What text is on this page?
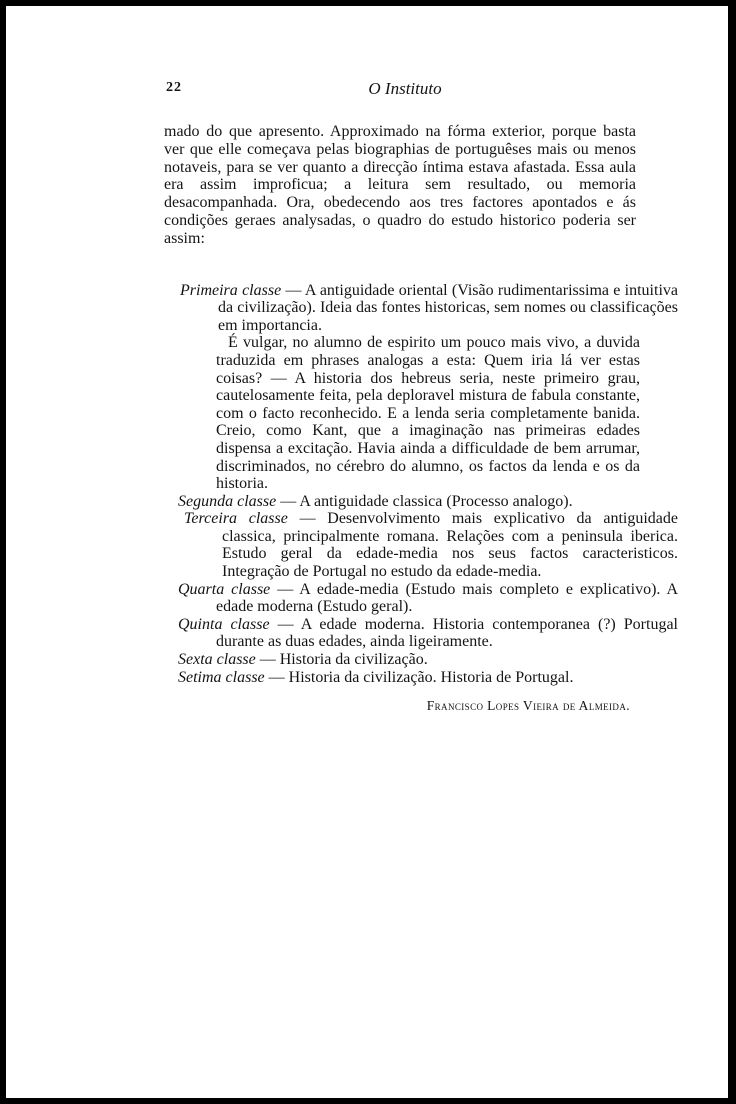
22	O Instituto

mado do que apresento. Approximado na fórma exterior, porque basta ver que elle começava pelas biographias de portuguêses mais ou menos notaveis, para se ver quanto a direcção íntima estava afastada. Essa aula era assim improficua; a leitura sem resultado, ou memoria desacompanhada. Ora, obedecendo aos tres factores apontados e ás condições geraes analysadas, o quadro do estudo historico poderia ser assim:

Primeira classe — A antiguidade oriental (Visão rudimentarissima e intuitiva da civilização). Ideia das fontes historicas, sem nomes ou classificações em importancia.
É vulgar, no alumno de espirito um pouco mais vivo, a duvida traduzida em phrases analogas a esta: Quem iria lá ver estas coisas? — A historia dos hebreus seria, neste primeiro grau, cautelosamente feita, pela deploravel mistura de fabula constante, com o facto reconhecido. E a lenda seria completamente banida. Creio, como Kant, que a imaginação nas primeiras edades dispensa a excitação. Havia ainda a difficuldade de bem arrumar, discriminados, no cérebro do alumno, os factos da lenda e os da historia.
Segunda classe — A antiguidade classica (Processo analogo).
Terceira classe — Desenvolvimento mais explicativo da antiguidade classica, principalmente romana. Relações com a peninsula iberica. Estudo geral da edade-media nos seus factos caracteristicos. Integração de Portugal no estudo da edade-media.
Quarta classe — A edade-media (Estudo mais completo e explicativo). A edade moderna (Estudo geral).
Quinta classe — A edade moderna. Historia contemporanea (?) Portugal durante as duas edades, ainda ligeiramente.
Sexta classe — Historia da civilização.
Setima classe — Historia da civilização. Historia de Portugal.
Francisco Lopes Vieira de Almeida.
